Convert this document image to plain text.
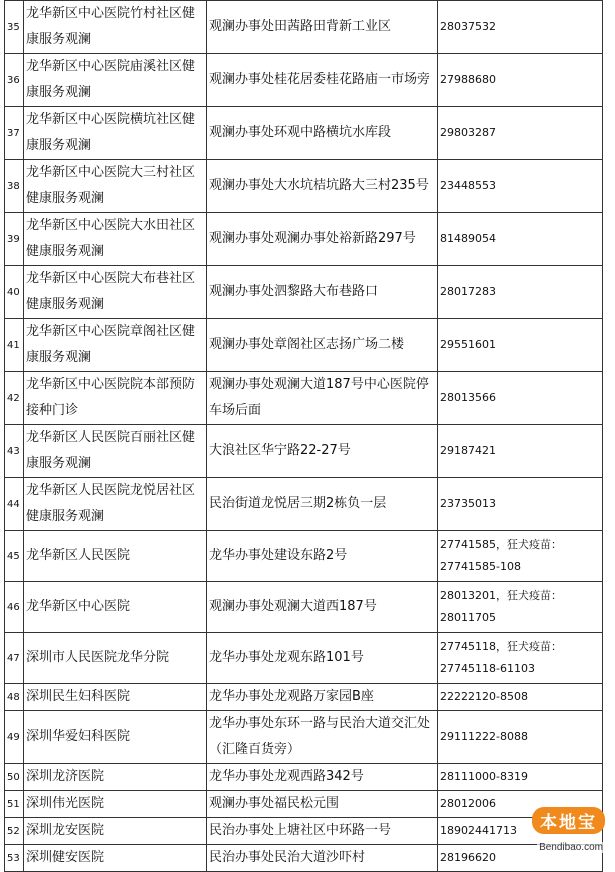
35	龙华新区中心医院竹村社区健康服务观澜	观澜办事处田茜路田背新工业区	28037532
36	龙华新区中心医院庙溪社区健康服务观澜	观澜办事处桂花居委桂花路庙一市场旁	27988680
37	龙华新区中心医院横坑社区健康服务观澜	观澜办事处环观中路横坑水库段	29803287
38	龙华新区中心医院大三村社区健康服务观澜	观澜办事处大水坑桔坑路大三村235号	23448553
39	龙华新区中心医院大水田社区健康服务观澜	观澜办事处观澜办事处裕新路297号	81489054
40	龙华新区中心医院大布巷社区健康服务观澜	观澜办事处泗黎路大布巷路口	28017283
41	龙华新区中心医院章阁社区健康服务观澜	观澜办事处章阁社区志扬广场二楼	29551601
42	龙华新区中心医院院本部预防接种门诊	观澜办事处观澜大道187号中心医院停车场后面	28013566
43	龙华新区人民医院百丽社区健康服务观澜	大浪社区华宁路22-27号	29187421
44	龙华新区人民医院龙悦居社区健康服务观澜	民治街道龙悦居三期2栋负一层	23735013
45	龙华新区人民医院	龙华办事处建设东路2号	27741585，狂犬疫苗：27741585-108
46	龙华新区中心医院	观澜办事处观澜大道西187号	28013201，狂犬疫苗：28011705
47	深圳市人民医院龙华分院	龙华办事处龙观东路101号	27745118，狂犬疫苗：27745118-61103
48	深圳民生妇科医院	龙华办事处龙观路万家园B座	22222120-8508
49	深圳华爱妇科医院	龙华办事处东环一路与民治大道交汇处（汇隆百货旁）	29111222-8088
50	深圳龙济医院	龙华办事处龙观西路342号	28111000-8319
51	深圳伟光医院	观澜办事处福民松元围	28012006
52	深圳龙安医院	民治办事处上塘社区中环路一号	18902441713
53	深圳健安医院	民治办事处民治大道沙吓村	28196620
本地宝
Bendibao.com
